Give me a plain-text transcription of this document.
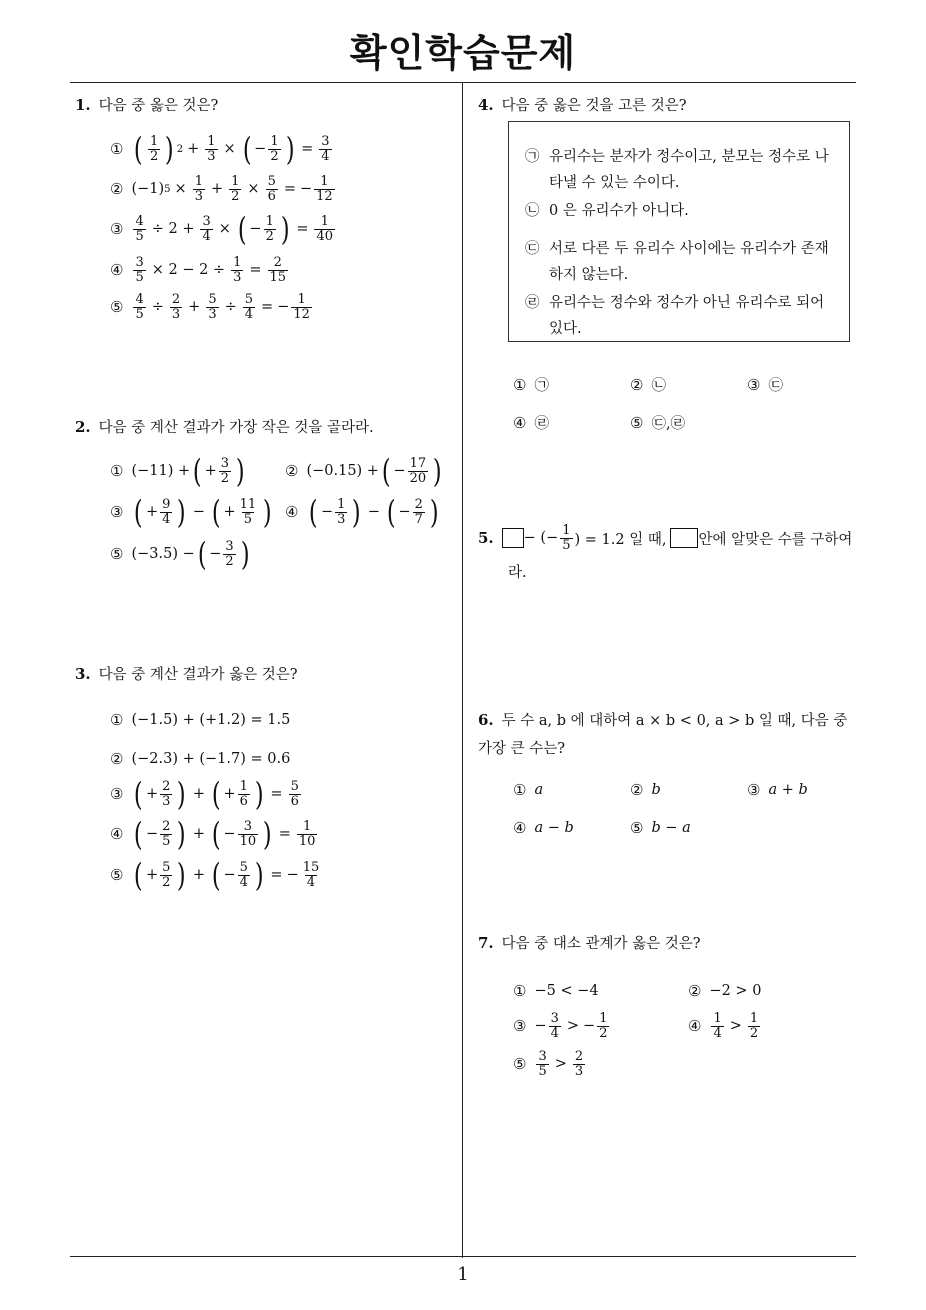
확인학습문제
1
1. 다음 중 옳은 것은?
① ( $\frac{1}{2}$ ) $2 + \frac{1}{3}$ × ( − $\frac{1}{2}$ ) = $\frac{3}{4}$
② (−1) $5 \times \frac{1}{3} + \frac{1}{2} \times \frac{5}{6}$ = − $\frac{1}{12}$
③ $\frac{4}{5} \div 2 + \frac{3}{4}$ × ( − $\frac{1}{2}$ ) = $\frac{1}{40}$
④ $\frac{3}{5} \times 2 - 2 \div \frac{1}{3} = \frac{2}{15}$
⑤ $\frac{4}{5} \div \frac{2}{3} + \frac{5}{3} \div \frac{5}{4}$ = − $\frac{1}{12}$
2. 다음 중 계산 결과가 가장 작은 것을 골라라.
① (−11) + ( + $\frac{3}{2}$ )	② (−0.15) + ( − $\frac{17}{20}$ )
③ ( + $\frac{9}{4}$ ) − ( + $\frac{11}{5}$ ) ④ ( − $\frac{1}{3}$ ) − ( − $\frac{2}{7}$ )
⑤ (−3.5) − ( − $\frac{3}{2}$ )
3. 다음 중 계산 결과가 옳은 것은?
① (−1.5) + (+1.2) = 1.5
② (−2.3) + (−1.7) = 0.6
③ ( + $\frac{2}{3}$ ) + ( + $\frac{1}{6}$ ) = $\frac{5}{6}$
④ ( − $\frac{2}{5}$ ) + ( − $\frac{3}{10}$ ) = $\frac{1}{10}$
⑤ ( + $\frac{5}{2}$ ) + ( − $\frac{5}{4}$ ) = − $\frac{15}{4}$
4. 다음 중 옳은 것을 고른 것은?
㉠ 유리수는 분자가 정수이고, 분모는 정수로 나타낼 수 있는 수이다.
㉡ 0 은 유리수가 아니다.
㉢ 서로 다른 두 유리수 사이에는 유리수가 존재하지 않는다.
㉣ 유리수는 정수와 정수가 아닌 유리수로 되어 있다.
① ㉠	② ㉡	③ ㉢
④ ㉣	⑤ ㉢,㉣
5. − (− $\frac{1}{5}$ ) = 1.2 일 때, 안에 알맞은 수를 구하여
라.
6. 두 수 a, b 에 대하여 a × b < 0, a > b 일 때, 다음 중 가장 큰 수는?
① a	② b	③ a + b
④ a − b	⑤ b − a
7. 다음 중 대소 관계가 옳은 것은?
① −5 < −4	② −2 > 0
③ − $\frac{3}{4}$ > − $\frac{1}{2}$	④ $\frac{1}{4} > \frac{1}{2}$
⑤ $\frac{3}{5} > \frac{2}{3}$
